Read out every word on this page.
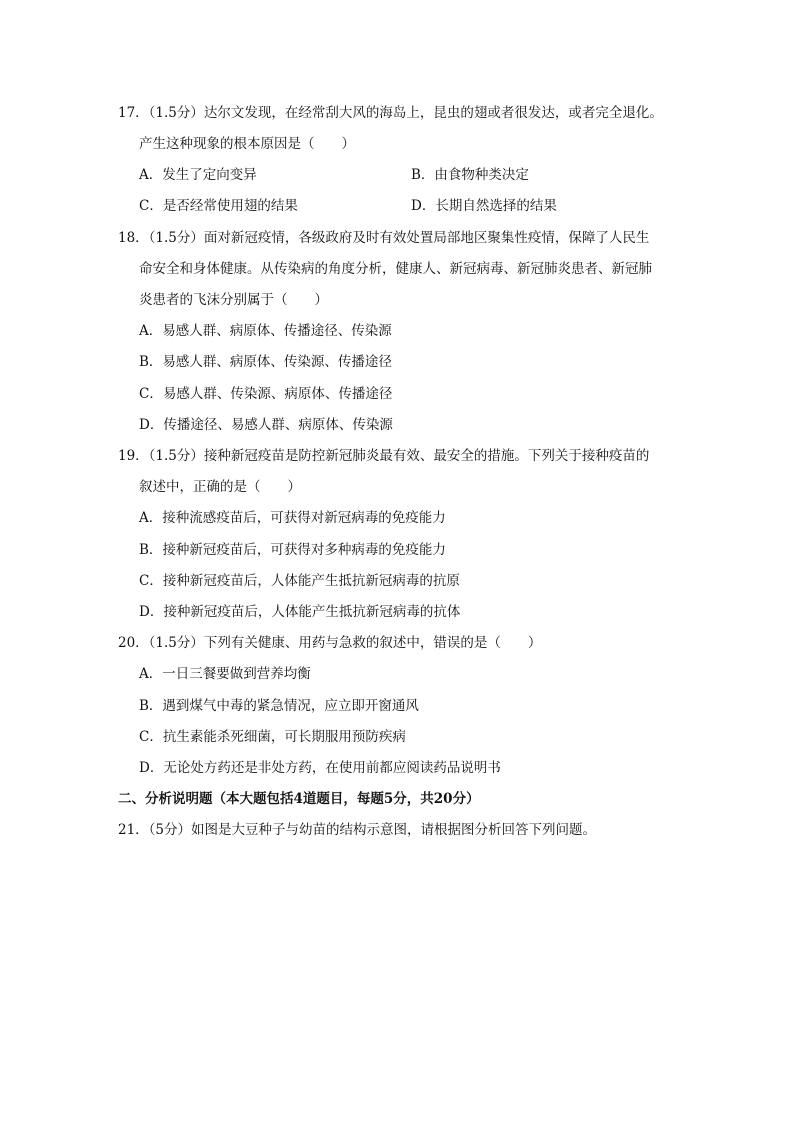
17．（1.5分）达尔文发现，在经常刮大风的海岛上，昆虫的翅或者很发达，或者完全退化。
产生这种现象的根本原因是（　　）
A．发生了定向变异	B．由食物种类决定
C．是否经常使用翅的结果	D．长期自然选择的结果
18．（1.5分）面对新冠疫情，各级政府及时有效处置局部地区聚集性疫情，保障了人民生
命安全和身体健康。从传染病的角度分析，健康人、新冠病毒、新冠肺炎患者、新冠肺
炎患者的飞沫分别属于（　　）
A．易感人群、病原体、传播途径、传染源
B．易感人群、病原体、传染源、传播途径
C．易感人群、传染源、病原体、传播途径
D．传播途径、易感人群、病原体、传染源
19．（1.5分）接种新冠疫苗是防控新冠肺炎最有效、最安全的措施。下列关于接种疫苗的
叙述中，正确的是（　　）
A．接种流感疫苗后，可获得对新冠病毒的免疫能力
B．接种新冠疫苗后，可获得对多种病毒的免疫能力
C．接种新冠疫苗后，人体能产生抵抗新冠病毒的抗原
D．接种新冠疫苗后，人体能产生抵抗新冠病毒的抗体
20．（1.5分）下列有关健康、用药与急救的叙述中，错误的是（　　）
A．一日三餐要做到营养均衡
B．遇到煤气中毒的紧急情况，应立即开窗通风
C．抗生素能杀死细菌，可长期服用预防疾病
D．无论处方药还是非处方药，在使用前都应阅读药品说明书
二、分析说明题（本大题包括4道题目，每题5分，共20分）
21．（5分）如图是大豆种子与幼苗的结构示意图，请根据图分析回答下列问题。
